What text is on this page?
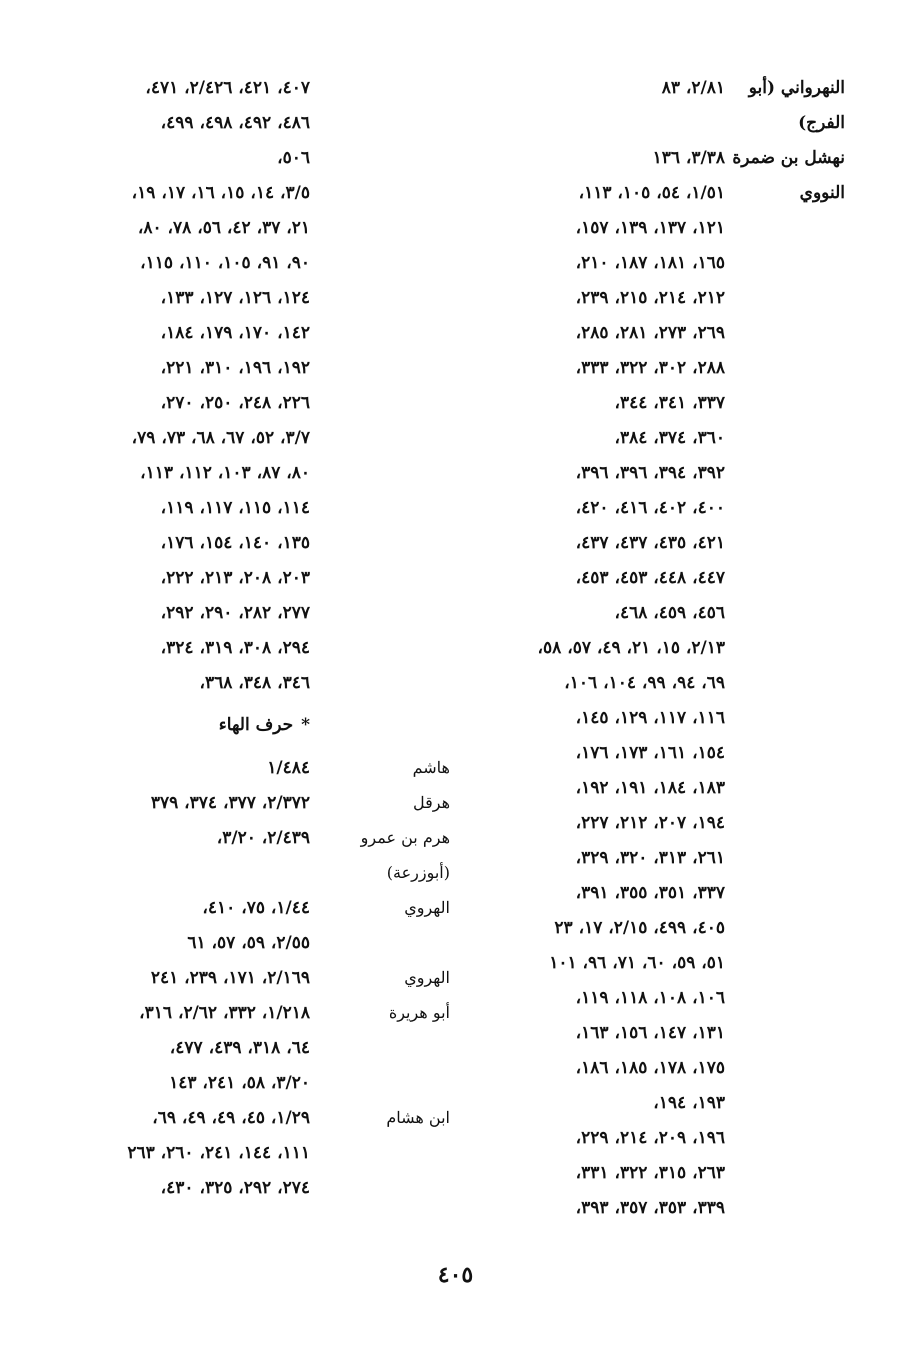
النهرواني (أبو
٢/٨١، ٨٣
الفرج)
نهشل بن ضمرة
٣/٣٨، ١٣٦
النووي
١/٥١، ٥٤، ١٠٥، ١١٣،
١٢١، ١٣٧، ١٣٩، ١٥٧،
١٦٥، ١٨١، ١٨٧، ٢١٠،
٢١٢، ٢١٤، ٢١٥، ٢٣٩،
٢٦٩، ٢٧٣، ٢٨١، ٢٨٥،
٢٨٨، ٣٠٢، ٣٢٢، ٣٣٣،
٣٣٧، ٣٤١، ٣٤٤،
٣٦٠، ٣٧٤، ٣٨٤،
٣٩٢، ٣٩٤، ٣٩٦، ٣٩٦،
٤٠٠، ٤٠٢، ٤١٦، ٤٢٠،
٤٢١، ٤٣٥، ٤٣٧، ٤٣٧،
٤٤٧، ٤٤٨، ٤٥٣، ٤٥٣،
٤٥٦، ٤٥٩، ٤٦٨،
٢/١٣، ١٥، ٢١، ٤٩، ٥٧، ٥٨،
٦٩، ٩٤، ٩٩، ١٠٤، ١٠٦،
١١٦، ١١٧، ١٢٩، ١٤٥،
١٥٤، ١٦١، ١٧٣، ١٧٦،
١٨٣، ١٨٤، ١٩١، ١٩٢،
١٩٤، ٢٠٧، ٢١٢، ٢٢٧،
٢٦١، ٣١٣، ٣٢٠، ٣٢٩،
٣٣٧، ٣٥١، ٣٥٥، ٣٩١،
٤٠٥، ٤٩٩، ٢/١٥، ١٧، ٢٣
٥١، ٥٩، ٦٠، ٧١، ٩٦، ١٠١
١٠٦، ١٠٨، ١١٨، ١١٩،
١٣١، ١٤٧، ١٥٦، ١٦٣،
١٧٥، ١٧٨، ١٨٥، ١٨٦،
١٩٣، ١٩٤،
١٩٦، ٢٠٩، ٢١٤، ٢٢٩،
٢٦٣، ٣١٥، ٣٢٢، ٣٣١،
٣٣٩، ٣٥٣، ٣٥٧، ٣٩٣،
٤٠٧، ٤٢١، ٢/٤٢٦، ٤٧١،
٤٨٦، ٤٩٢، ٤٩٨، ٤٩٩،
٥٠٦،
٣/٥، ١٤، ١٥، ١٦، ١٧، ١٩،
٢١، ٣٧، ٤٢، ٥٦، ٧٨، ٨٠،
٩٠، ٩١، ١٠٥، ١١٠، ١١٥،
١٢٤، ١٢٦، ١٢٧، ١٣٣،
١٤٢، ١٧٠، ١٧٩، ١٨٤،
١٩٢، ١٩٦، ٣١٠، ٢٢١،
٢٢٦، ٢٤٨، ٢٥٠، ٢٧٠،
٣/٧، ٥٢، ٦٧، ٦٨، ٧٣، ٧٩،
٨٠، ٨٧، ١٠٣، ١١٢، ١١٣،
١١٤، ١١٥، ١١٧، ١١٩،
١٣٥، ١٤٠، ١٥٤، ١٧٦،
٢٠٣، ٢٠٨، ٢١٣، ٢٢٢،
٢٧٧، ٢٨٢، ٢٩٠، ٢٩٢،
٢٩٤، ٣٠٨، ٣١٩، ٣٢٤،
٣٤٦، ٣٤٨، ٣٦٨،
*
حرف الهاء
هاشم
١/٤٨٤
هرقل
٢/٣٧٢، ٣٧٧، ٣٧٤، ٣٧٩
هرم بن عمرو
٢/٤٣٩، ٣/٢٠،
(أبوزرعة)
الهروي
١/٤٤، ٧٥، ٤١٠،
٢/٥٥، ٥٩، ٥٧، ٦١
الهروي
٢/١٦٩، ١٧١، ٢٣٩، ٢٤١
أبو هريرة
١/٢١٨، ٣٣٢، ٢/٦٢، ٣١٦،
٦٤، ٣١٨، ٤٣٩، ٤٧٧،
٣/٢٠، ٥٨، ٢٤١، ١٤٣
ابن هشام
١/٢٩، ٤٥، ٤٩، ٤٩، ٦٩،
١١١، ١٤٤، ٢٤١، ٢٦٠، ٢٦٣
٢٧٤، ٢٩٢، ٣٢٥، ٤٣٠،
٤٠٥
